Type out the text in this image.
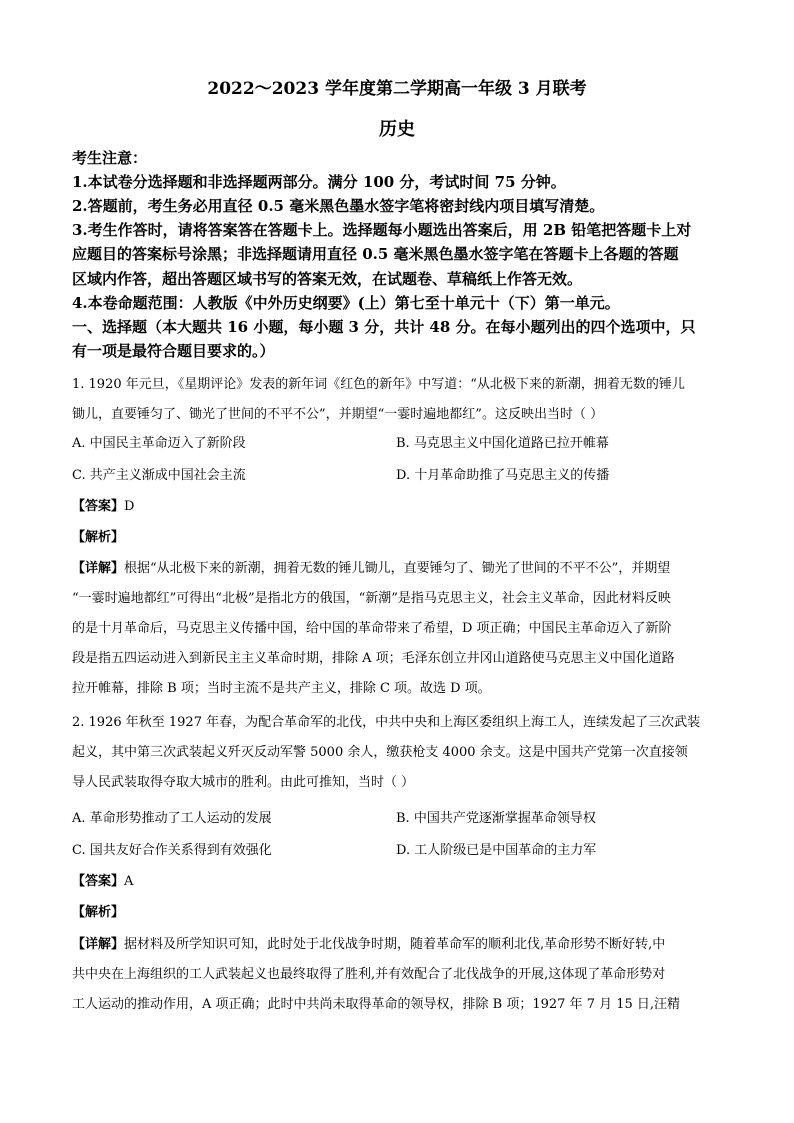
2022～2023 学年度第二学期高一年级 3 月联考
历史
考生注意：
1.本试卷分选择题和非选择题两部分。满分 100 分，考试时间 75 分钟。
2.答题前，考生务必用直径 0.5 毫米黑色墨水签字笔将密封线内项目填写清楚。
3.考生作答时，请将答案答在答题卡上。选择题每小题选出答案后，用 2B 铅笔把答题卡上对
应题目的答案标号涂黑；非选择题请用直径 0.5 毫米黑色墨水签字笔在答题卡上各题的答题
区域内作答，超出答题区域书写的答案无效，在试题卷、草稿纸上作答无效。
4.本卷命题范围：人教版《中外历史纲要》(上）第七至十单元十（下）第一单元。
一、选择题（本大题共 16 小题，每小题 3 分，共计 48 分。在每小题列出的四个选项中，只
有一项是最符合题目要求的。）
1. 1920 年元旦，《星期评论》发表的新年词《红色的新年》中写道：“从北极下来的新潮，拥着无数的锤儿
锄儿，直要锤匀了、锄光了世间的不平不公”，并期望“一霎时遍地都红”。这反映出当时（ ）
A. 中国民主革命迈入了新阶段	B. 马克思主义中国化道路已拉开帷幕
C. 共产主义渐成中国社会主流	D. 十月革命助推了马克思主义的传播
【答案】D
【解析】
【详解】根据“从北极下来的新潮，拥着无数的锤儿锄儿，直要锤匀了、锄光了世间的不平不公”，并期望
“一霎时遍地都红”可得出“北极”是指北方的俄国，“新潮”是指马克思主义，社会主义革命，因此材料反映
的是十月革命后，马克思主义传播中国，给中国的革命带来了希望，D 项正确；中国民主革命迈入了新阶
段是指五四运动进入到新民主主义革命时期，排除 A 项；毛泽东创立井冈山道路使马克思主义中国化道路
拉开帷幕，排除 B 项；当时主流不是共产主义，排除 C 项。故选 D 项。
2. 1926 年秋至 1927 年春，为配合革命军的北伐，中共中央和上海区委组织上海工人，连续发起了三次武装
起义，其中第三次武装起义歼灭反动军警 5000 余人，缴获枪支 4000 余支。这是中国共产党第一次直接领
导人民武装取得夺取大城市的胜利。由此可推知，当时（ ）
A. 革命形势推动了工人运动的发展	B. 中国共产党逐渐掌握革命领导权
C. 国共友好合作关系得到有效强化	D. 工人阶级已是中国革命的主力军
【答案】A
【解析】
【详解】据材料及所学知识可知，此时处于北伐战争时期，随着革命军的顺利北伐,革命形势不断好转,中
共中央在上海组织的工人武装起义也最终取得了胜利,并有效配合了北伐战争的开展,这体现了革命形势对
工人运动的推动作用，A 项正确；此时中共尚未取得革命的领导权，排除 B 项；1927 年 7 月 15 日,汪精
